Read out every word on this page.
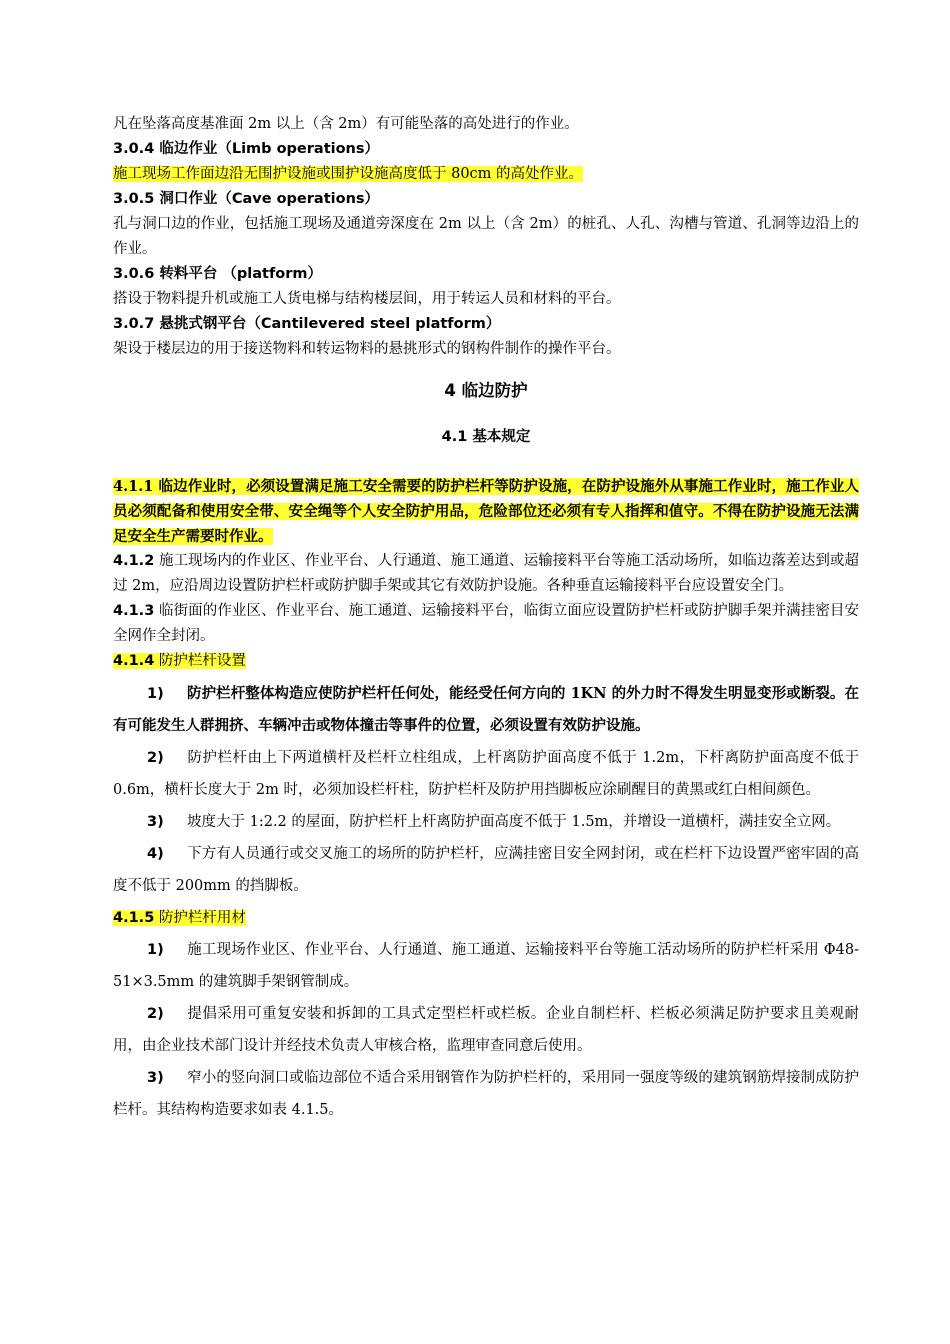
凡在坠落高度基准面 2m 以上（含 2m）有可能坠落的高处进行的作业。

3.0.4 临边作业（Limb operations）

施工现场工作面边沿无围护设施或围护设施高度低于 80cm 的高处作业。

3.0.5 洞口作业（Cave operations）

孔与洞口边的作业，包括施工现场及通道旁深度在 2m 以上（含 2m）的桩孔、人孔、沟槽与管道、孔洞等边沿上的作业。

3.0.6 转料平台 （platform）

搭设于物料提升机或施工人货电梯与结构楼层间，用于转运人员和材料的平台。

3.0.7 悬挑式钢平台（Cantilevered steel platform）

架设于楼层边的用于接送物料和转运物料的悬挑形式的钢构件制作的操作平台。

4 临边防护

4.1 基本规定

4.1.1 临边作业时，必须设置满足施工安全需要的防护栏杆等防护设施，在防护设施外从事施工作业时，施工作业人员必须配备和使用安全带、安全绳等个人安全防护用品，危险部位还必须有专人指挥和值守。不得在防护设施无法满足安全生产需要时作业。

4.1.2 施工现场内的作业区、作业平台、人行通道、施工通道、运输接料平台等施工活动场所，如临边落差达到或超过 2m，应沿周边设置防护栏杆或防护脚手架或其它有效防护设施。各种垂直运输接料平台应设置安全门。

4.1.3 临街面的作业区、作业平台、施工通道、运输接料平台，临街立面应设置防护栏杆或防护脚手架并满挂密目安全网作全封闭。

4.1.4 防护栏杆设置

1) 防护栏杆整体构造应使防护栏杆任何处，能经受任何方向的 1KN 的外力时不得发生明显变形或断裂。在有可能发生人群拥挤、车辆冲击或物体撞击等事件的位置，必须设置有效防护设施。

2) 防护栏杆由上下两道横杆及栏杆立柱组成，上杆离防护面高度不低于 1.2m，下杆离防护面高度不低于 0.6m，横杆长度大于 2m 时，必须加设栏杆柱，防护栏杆及防护用挡脚板应涂刷醒目的黄黑或红白相间颜色。

3) 坡度大于 1:2.2 的屋面，防护栏杆上杆离防护面高度不低于 1.5m，并增设一道横杆，满挂安全立网。

4) 下方有人员通行或交叉施工的场所的防护栏杆，应满挂密目安全网封闭，或在栏杆下边设置严密牢固的高度不低于 200mm 的挡脚板。

4.1.5 防护栏杆用材

1) 施工现场作业区、作业平台、人行通道、施工通道、运输接料平台等施工活动场所的防护栏杆采用 Φ48-51×3.5mm 的建筑脚手架钢管制成。

2) 提倡采用可重复安装和拆卸的工具式定型栏杆或栏板。企业自制栏杆、栏板必须满足防护要求且美观耐用，由企业技术部门设计并经技术负责人审核合格，监理审查同意后使用。

3) 窄小的竖向洞口或临边部位不适合采用钢管作为防护栏杆的，采用同一强度等级的建筑钢筋焊接制成防护栏杆。其结构构造要求如表 4.1.5。
